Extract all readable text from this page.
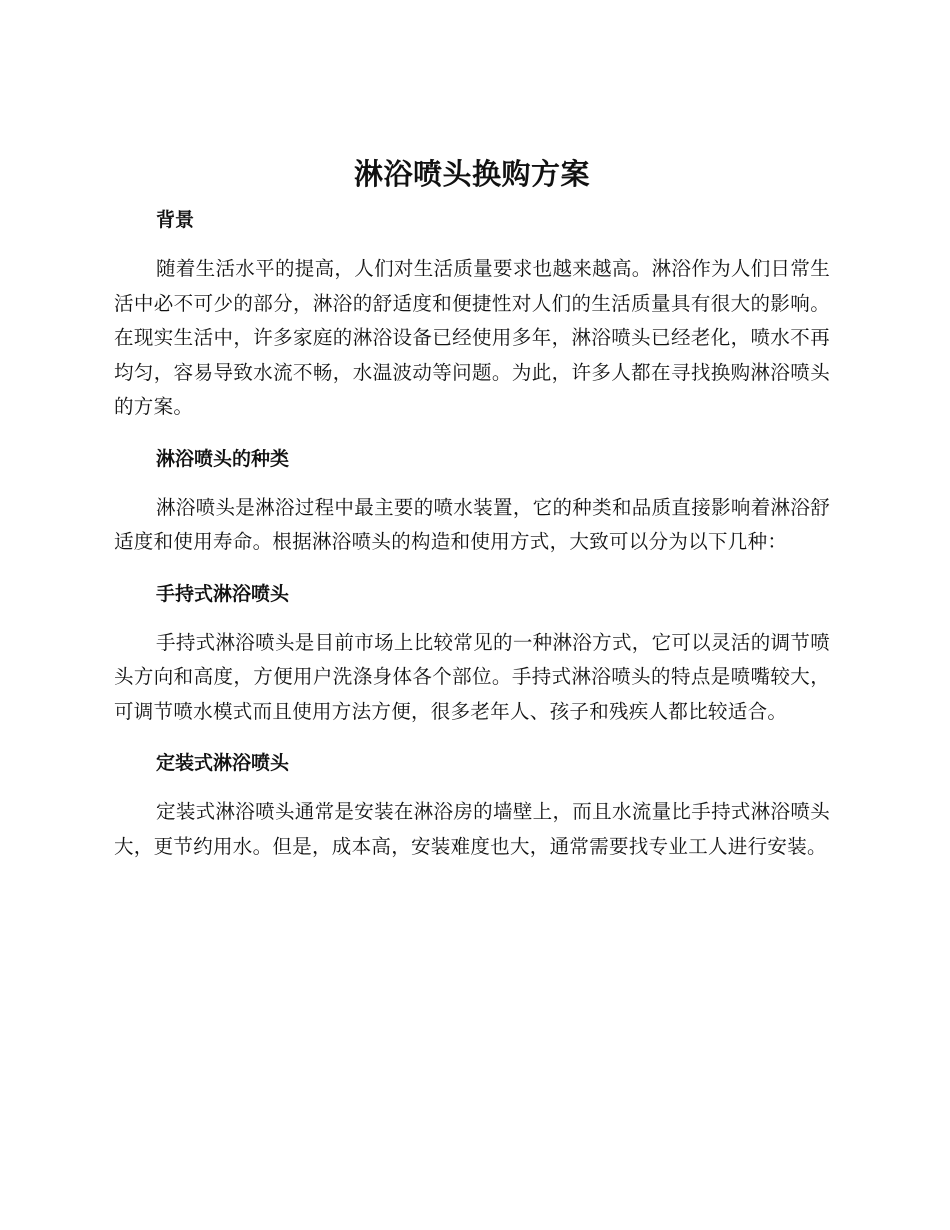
淋浴喷头换购方案
背景

随着生活水平的提高，人们对生活质量要求也越来越高。淋浴作为人们日常生活中必不可少的部分，淋浴的舒适度和便捷性对人们的生活质量具有很大的影响。在现实生活中，许多家庭的淋浴设备已经使用多年，淋浴喷头已经老化，喷水不再均匀，容易导致水流不畅，水温波动等问题。为此，许多人都在寻找换购淋浴喷头的方案。

淋浴喷头的种类

淋浴喷头是淋浴过程中最主要的喷水装置，它的种类和品质直接影响着淋浴舒适度和使用寿命。根据淋浴喷头的构造和使用方式，大致可以分为以下几种：

手持式淋浴喷头

手持式淋浴喷头是目前市场上比较常见的一种淋浴方式，它可以灵活的调节喷头方向和高度，方便用户洗涤身体各个部位。手持式淋浴喷头的特点是喷嘴较大，可调节喷水模式而且使用方法方便，很多老年人、孩子和残疾人都比较适合。

定装式淋浴喷头

定装式淋浴喷头通常是安装在淋浴房的墙壁上，而且水流量比手持式淋浴喷头大，更节约用水。但是，成本高，安装难度也大，通常需要找专业工人进行安装。
